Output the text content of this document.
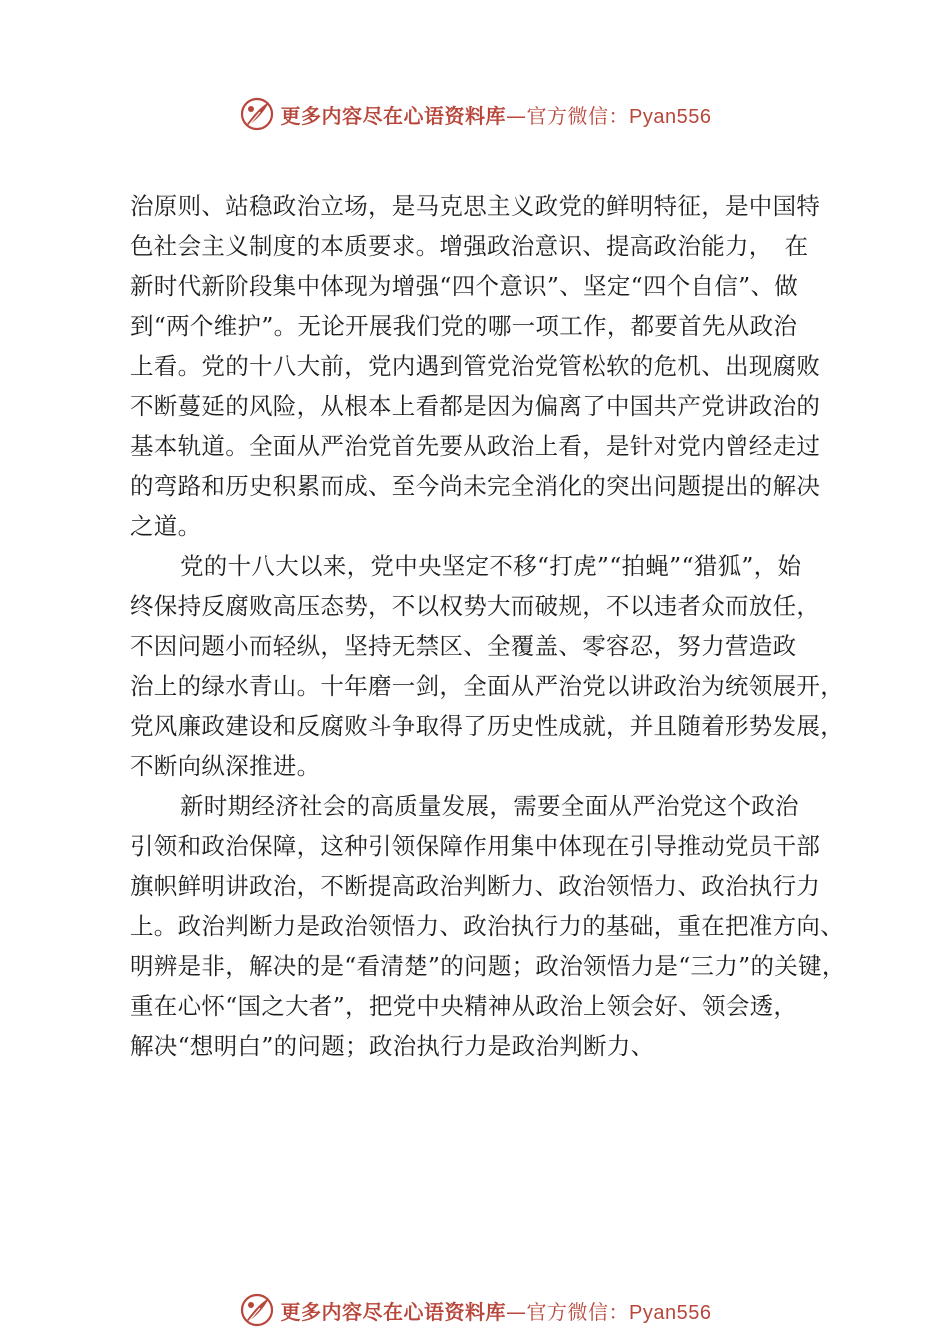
更多内容尽在心语资料库—官方微信：Pyan556
治原则、站稳政治立场，是马克思主义政党的鲜明特征，是中国特
色社会主义制度的本质要求。增强政治意识、提高政治能力，　在
新时代新阶段集中体现为增强“四个意识”、坚定“四个自信”、做
到“两个维护”。无论开展我们党的哪一项工作，都要首先从政治
上看。党的十八大前，党内遇到管党治党管松软的危机、出现腐败
不断蔓延的风险，从根本上看都是因为偏离了中国共产党讲政治的
基本轨道。全面从严治党首先要从政治上看，是针对党内曾经走过
的弯路和历史积累而成、至今尚未完全消化的突出问题提出的解决
之道。
党的十八大以来，党中央坚定不移“打虎”“拍蝇”“猎狐”，始
终保持反腐败高压态势，不以权势大而破规，不以违者众而放任，
不因问题小而轻纵，坚持无禁区、全覆盖、零容忍，努力营造政
治上的绿水青山。十年磨一剑，全面从严治党以讲政治为统领展开，
党风廉政建设和反腐败斗争取得了历史性成就，并且随着形势发展，
不断向纵深推进。
新时期经济社会的高质量发展，需要全面从严治党这个政治
引领和政治保障，这种引领保障作用集中体现在引导推动党员干部
旗帜鲜明讲政治，不断提高政治判断力、政治领悟力、政治执行力
上。政治判断力是政治领悟力、政治执行力的基础，重在把准方向、
明辨是非，解决的是“看清楚”的问题；政治领悟力是“三力”的关键，
重在心怀“国之大者”，把党中央精神从政治上领会好、领会透，
解决“想明白”的问题；政治执行力是政治判断力、
更多内容尽在心语资料库—官方微信：Pyan556
